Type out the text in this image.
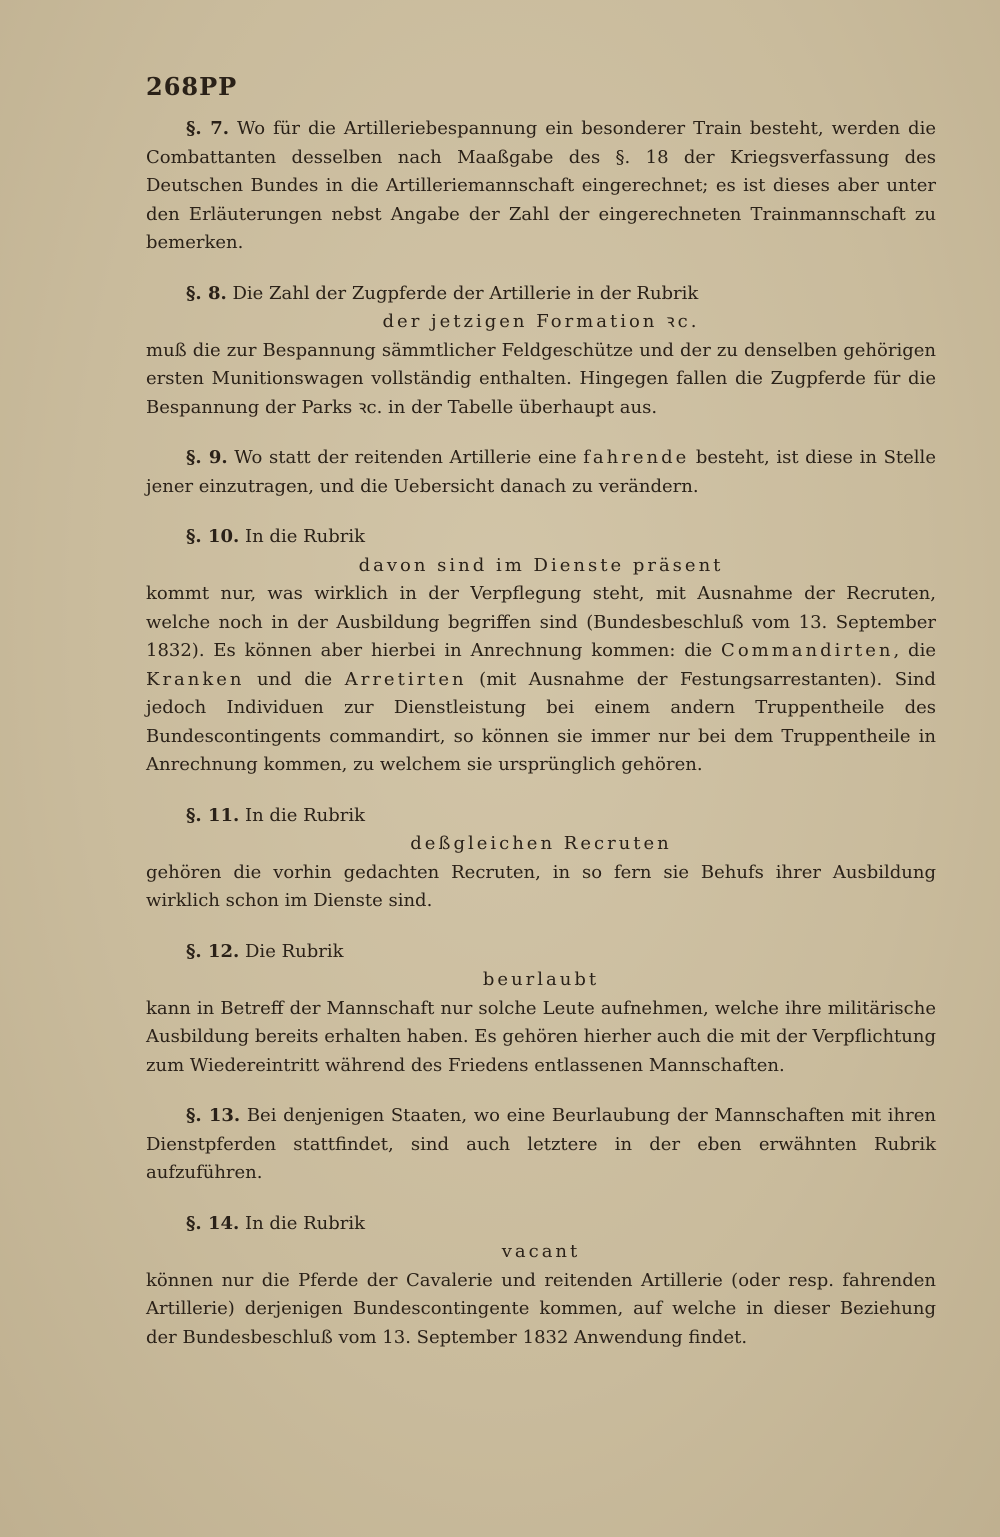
268PP

§. 7. Wo für die Artilleriebespannung ein besonderer Train besteht, werden die Combattanten desselben nach Maaßgabe des §. 18 der Kriegsverfassung des Deutschen Bundes in die Artilleriemannschaft eingerechnet; es ist dieses aber unter den Erläuterungen nebst Angabe der Zahl der eingerechneten Trainmannschaft zu bemerken.

§. 8. Die Zahl der Zugpferde der Artillerie in der Rubrik

der jetzigen Formation ꝛc.

muß die zur Bespannung sämmtlicher Feldgeschütze und der zu denselben gehörigen ersten Munitionswagen vollständig enthalten. Hingegen fallen die Zugpferde für die Bespannung der Parks ꝛc. in der Tabelle überhaupt aus.

§. 9. Wo statt der reitenden Artillerie eine fahrende besteht, ist diese in Stelle jener einzutragen, und die Uebersicht danach zu verändern.

§. 10. In die Rubrik

davon sind im Dienste präsent

kommt nur, was wirklich in der Verpflegung steht, mit Ausnahme der Recruten, welche noch in der Ausbildung begriffen sind (Bundesbeschluß vom 13. September 1832). Es können aber hierbei in Anrechnung kommen: die Commandirten, die Kranken und die Arretirten (mit Ausnahme der Festungsarrestanten). Sind jedoch Individuen zur Dienstleistung bei einem andern Truppentheile des Bundescontingents commandirt, so können sie immer nur bei dem Truppentheile in Anrechnung kommen, zu welchem sie ursprünglich gehören.

§. 11. In die Rubrik

deßgleichen Recruten

gehören die vorhin gedachten Recruten, in so fern sie Behufs ihrer Ausbildung wirklich schon im Dienste sind.

§. 12. Die Rubrik

beurlaubt

kann in Betreff der Mannschaft nur solche Leute aufnehmen, welche ihre militärische Ausbildung bereits erhalten haben. Es gehören hierher auch die mit der Verpflichtung zum Wiedereintritt während des Friedens entlassenen Mannschaften.

§. 13. Bei denjenigen Staaten, wo eine Beurlaubung der Mannschaften mit ihren Dienstpferden stattfindet, sind auch letztere in der eben erwähnten Rubrik aufzuführen.

§. 14. In die Rubrik

vacant

können nur die Pferde der Cavalerie und reitenden Artillerie (oder resp. fahrenden Artillerie) derjenigen Bundescontingente kommen, auf welche in dieser Beziehung der Bundesbeschluß vom 13. September 1832 Anwendung findet.
